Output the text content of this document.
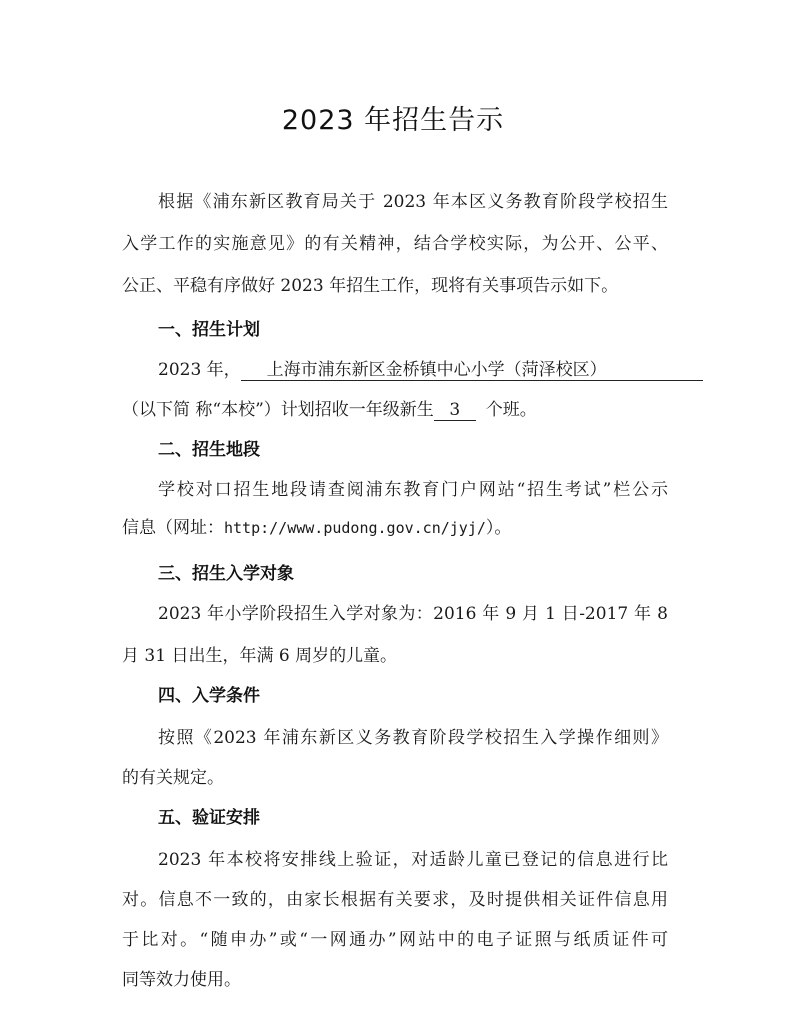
2023 年招生告示
根据《浦东新区教育局关于 2023 年本区义务教育阶段学校招生
入学工作的实施意见》的有关精神，结合学校实际，为公开、公平、
公正、平稳有序做好 2023 年招生工作，现将有关事项告示如下。
一、招生计划
2023 年， 上海市浦东新区金桥镇中心小学（菏泽校区）
（以下简 称“本校”）计划招收一年级新生 3 个班。
二、招生地段
学校对口招生地段请查阅浦东教育门户网站“招生考试”栏公示
信息（网址：http://www.pudong.gov.cn/jyj/）。
三、招生入学对象
2023 年小学阶段招生入学对象为：2016 年 9 月 1 日-2017 年 8
月 31 日出生，年满 6 周岁的儿童。
四、入学条件
按照《2023 年浦东新区义务教育阶段学校招生入学操作细则》
的有关规定。
五、验证安排
2023 年本校将安排线上验证，对适龄儿童已登记的信息进行比
对。信息不一致的，由家长根据有关要求，及时提供相关证件信息用
于比对。“随申办”或“一网通办”网站中的电子证照与纸质证件可
同等效力使用。
